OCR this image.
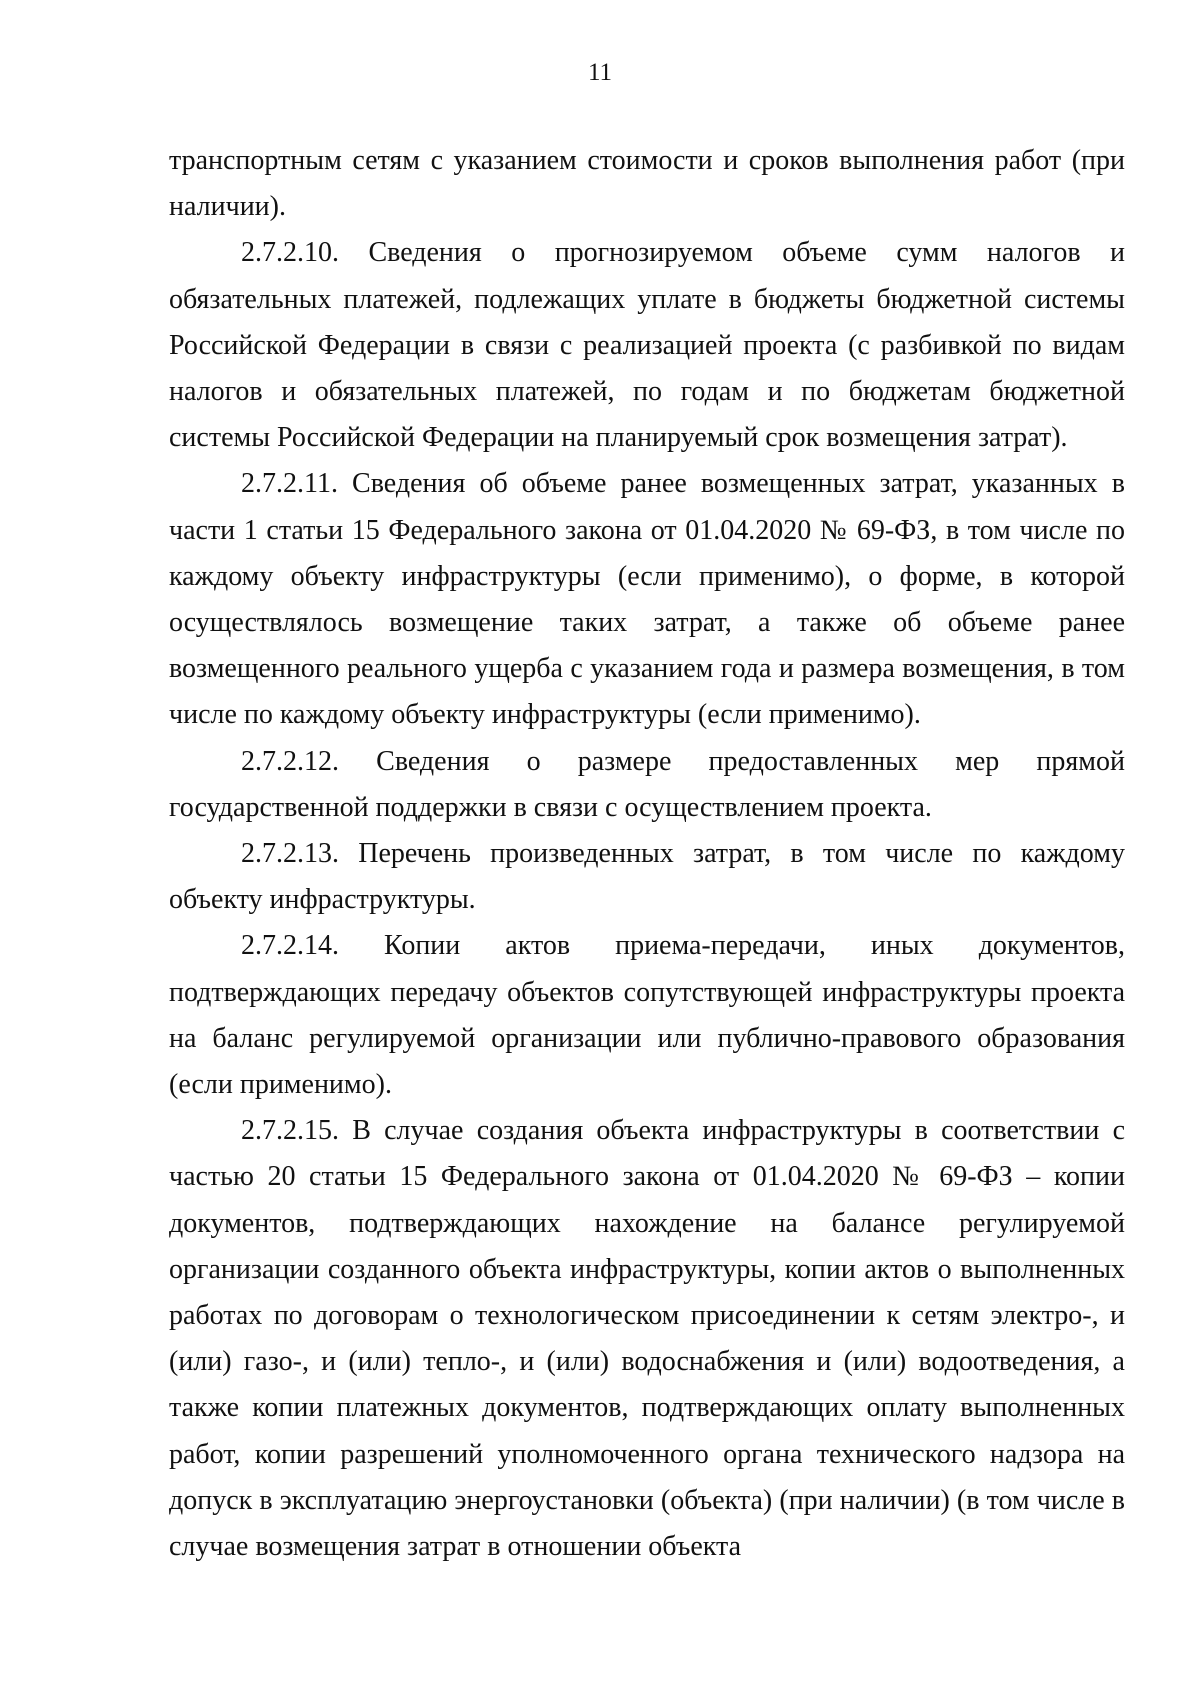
11

транспортным сетям с указанием стоимости и сроков выполнения работ (при наличии).

2.7.2.10. Сведения о прогнозируемом объеме сумм налогов и обязательных платежей, подлежащих уплате в бюджеты бюджетной системы Российской Федерации в связи с реализацией проекта (с разбивкой по видам налогов и обязательных платежей, по годам и по бюджетам бюджетной системы Российской Федерации на планируемый срок возмещения затрат).

2.7.2.11. Сведения об объеме ранее возмещенных затрат, указанных в части 1 статьи 15 Федерального закона от 01.04.2020 № 69-ФЗ, в том числе по каждому объекту инфраструктуры (если применимо), о форме, в которой осуществлялось возмещение таких затрат, а также об объеме ранее возмещенного реального ущерба с указанием года и размера возмещения, в том числе по каждому объекту инфраструктуры (если применимо).

2.7.2.12. Сведения о размере предоставленных мер прямой государственной поддержки в связи с осуществлением проекта.

2.7.2.13. Перечень произведенных затрат, в том числе по каждому объекту инфраструктуры.

2.7.2.14. Копии актов приема-передачи, иных документов, подтверждающих передачу объектов сопутствующей инфраструктуры проекта на баланс регулируемой организации или публично-правового образования (если применимо).

2.7.2.15. В случае создания объекта инфраструктуры в соответствии с частью 20 статьи 15 Федерального закона от 01.04.2020 № 69-ФЗ – копии документов, подтверждающих нахождение на балансе регулируемой организации созданного объекта инфраструктуры, копии актов о выполненных работах по договорам о технологическом присоединении к сетям электро-, и (или) газо-, и (или) тепло-, и (или) водоснабжения и (или) водоотведения, а также копии платежных документов, подтверждающих оплату выполненных работ, копии разрешений уполномоченного органа технического надзора на допуск в эксплуатацию энергоустановки (объекта) (при наличии) (в том числе в случае возмещения затрат в отношении объекта
